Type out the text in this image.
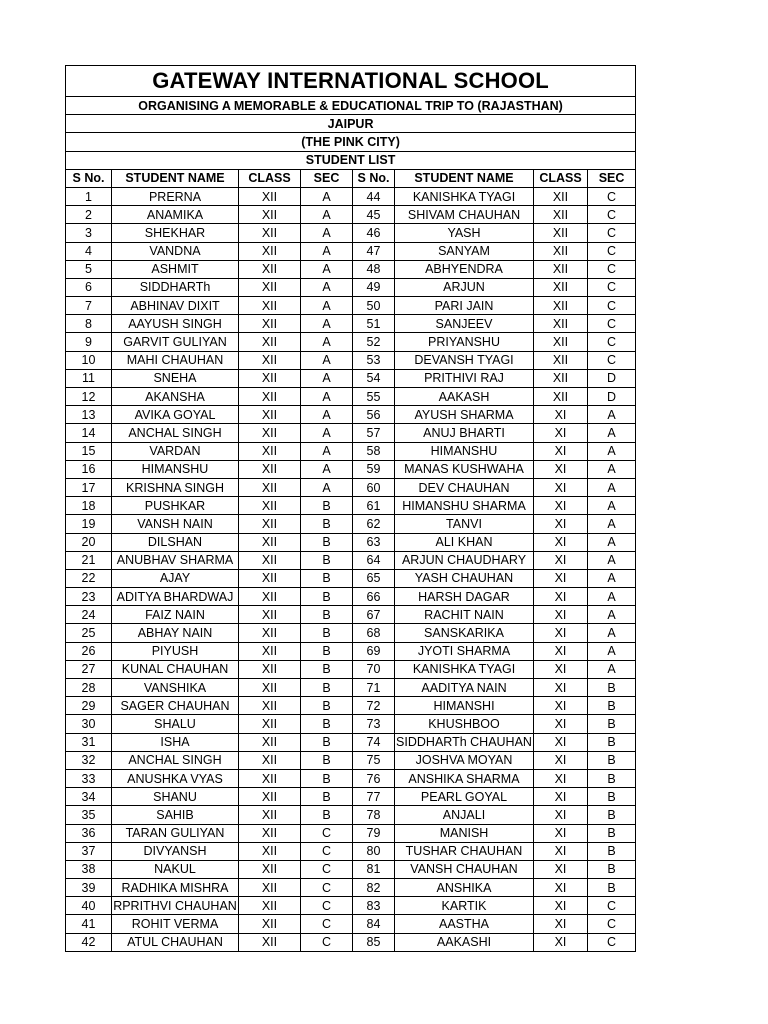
GATEWAY INTERNATIONAL SCHOOL							
ORGANISING A MEMORABLE & EDUCATIONAL TRIP TO (RAJASTHAN)							
JAIPUR							
(THE PINK CITY)							
STUDENT LIST							
S No.	STUDENT NAME	CLASS	SEC	S No.	STUDENT NAME	CLASS	SEC
1	PRERNA	XII	A	44	KANISHKA TYAGI	XII	C
2	ANAMIKA	XII	A	45	SHIVAM CHAUHAN	XII	C
3	SHEKHAR	XII	A	46	YASH	XII	C
4	VANDNA	XII	A	47	SANYAM	XII	C
5	ASHMIT	XII	A	48	ABHYENDRA	XII	C
6	SIDDHARTh	XII	A	49	ARJUN	XII	C
7	ABHINAV DIXIT	XII	A	50	PARI JAIN	XII	C
8	AAYUSH SINGH	XII	A	51	SANJEEV	XII	C
9	GARVIT GULIYAN	XII	A	52	PRIYANSHU	XII	C
10	MAHI CHAUHAN	XII	A	53	DEVANSH TYAGI	XII	C
11	SNEHA	XII	A	54	PRITHIVI RAJ	XII	D
12	AKANSHA	XII	A	55	AAKASH	XII	D
13	AVIKA GOYAL	XII	A	56	AYUSH SHARMA	XI	A
14	ANCHAL SINGH	XII	A	57	ANUJ BHARTI	XI	A
15	VARDAN	XII	A	58	HIMANSHU	XI	A
16	HIMANSHU	XII	A	59	MANAS KUSHWAHA	XI	A
17	KRISHNA SINGH	XII	A	60	DEV CHAUHAN	XI	A
18	PUSHKAR	XII	B	61	HIMANSHU SHARMA	XI	A
19	VANSH NAIN	XII	B	62	TANVI	XI	A
20	DILSHAN	XII	B	63	ALI KHAN	XI	A
21	ANUBHAV SHARMA	XII	B	64	ARJUN CHAUDHARY	XI	A
22	AJAY	XII	B	65	YASH CHAUHAN	XI	A
23	ADITYA BHARDWAJ	XII	B	66	HARSH DAGAR	XI	A
24	FAIZ NAIN	XII	B	67	RACHIT NAIN	XI	A
25	ABHAY NAIN	XII	B	68	SANSKARIKA	XI	A
26	PIYUSH	XII	B	69	JYOTI SHARMA	XI	A
27	KUNAL CHAUHAN	XII	B	70	KANISHKA TYAGI	XI	A
28	VANSHIKA	XII	B	71	AADITYA NAIN	XI	B
29	SAGER CHAUHAN	XII	B	72	HIMANSHI	XI	B
30	SHALU	XII	B	73	KHUSHBOO	XI	B
31	ISHA	XII	B	74	SIDDHARTh CHAUHAN	XI	B
32	ANCHAL SINGH	XII	B	75	JOSHVA MOYAN	XI	B
33	ANUSHKA VYAS	XII	B	76	ANSHIKA SHARMA	XI	B
34	SHANU	XII	B	77	PEARL GOYAL	XI	B
35	SAHIB	XII	B	78	ANJALI	XI	B
36	TARAN GULIYAN	XII	C	79	MANISH	XI	B
37	DIVYANSH	XII	C	80	TUSHAR CHAUHAN	XI	B
38	NAKUL	XII	C	81	VANSH CHAUHAN	XI	B
39	RADHIKA MISHRA	XII	C	82	ANSHIKA	XI	B
40	RPRITHVI CHAUHAN	XII	C	83	KARTIK	XI	C
41	ROHIT VERMA	XII	C	84	AASTHA	XI	C
42	ATUL CHAUHAN	XII	C	85	AAKASHI	XI	C
